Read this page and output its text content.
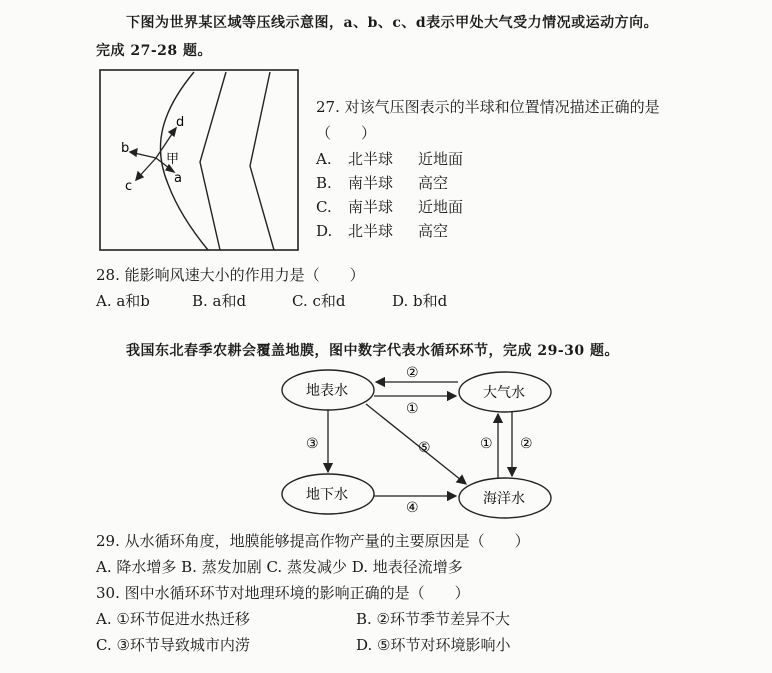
下图为世界某区域等压线示意图，a、b、c、d表示甲处大气受力情况或运动方向。
完成 27-28 题。
b
d
甲
c
a
27. 对该气压图表示的半球和位置情况描述正确的是
（　　）
A. 北半球 近地面
B. 南半球 高空
C. 南半球 近地面
D. 北半球 高空
28. 能影响风速大小的作用力是（　　）
A. a和b	B. a和d	C. c和d	D. b和d
我国东北春季农耕会覆盖地膜，图中数字代表水循环环节，完成 29-30 题。
地表水	大气水
地下水	海洋水
②
①
③	⑤	① ②
④
29. 从水循环角度，地膜能够提高作物产量的主要原因是（　　）
A. 降水增多 B. 蒸发加剧 C. 蒸发减少 D. 地表径流增多
30. 图中水循环环节对地理环境的影响正确的是（　　）
A. ①环节促进水热迁移	B. ②环节季节差异不大
C. ③环节导致城市内涝	D. ⑤环节对环境影响小
